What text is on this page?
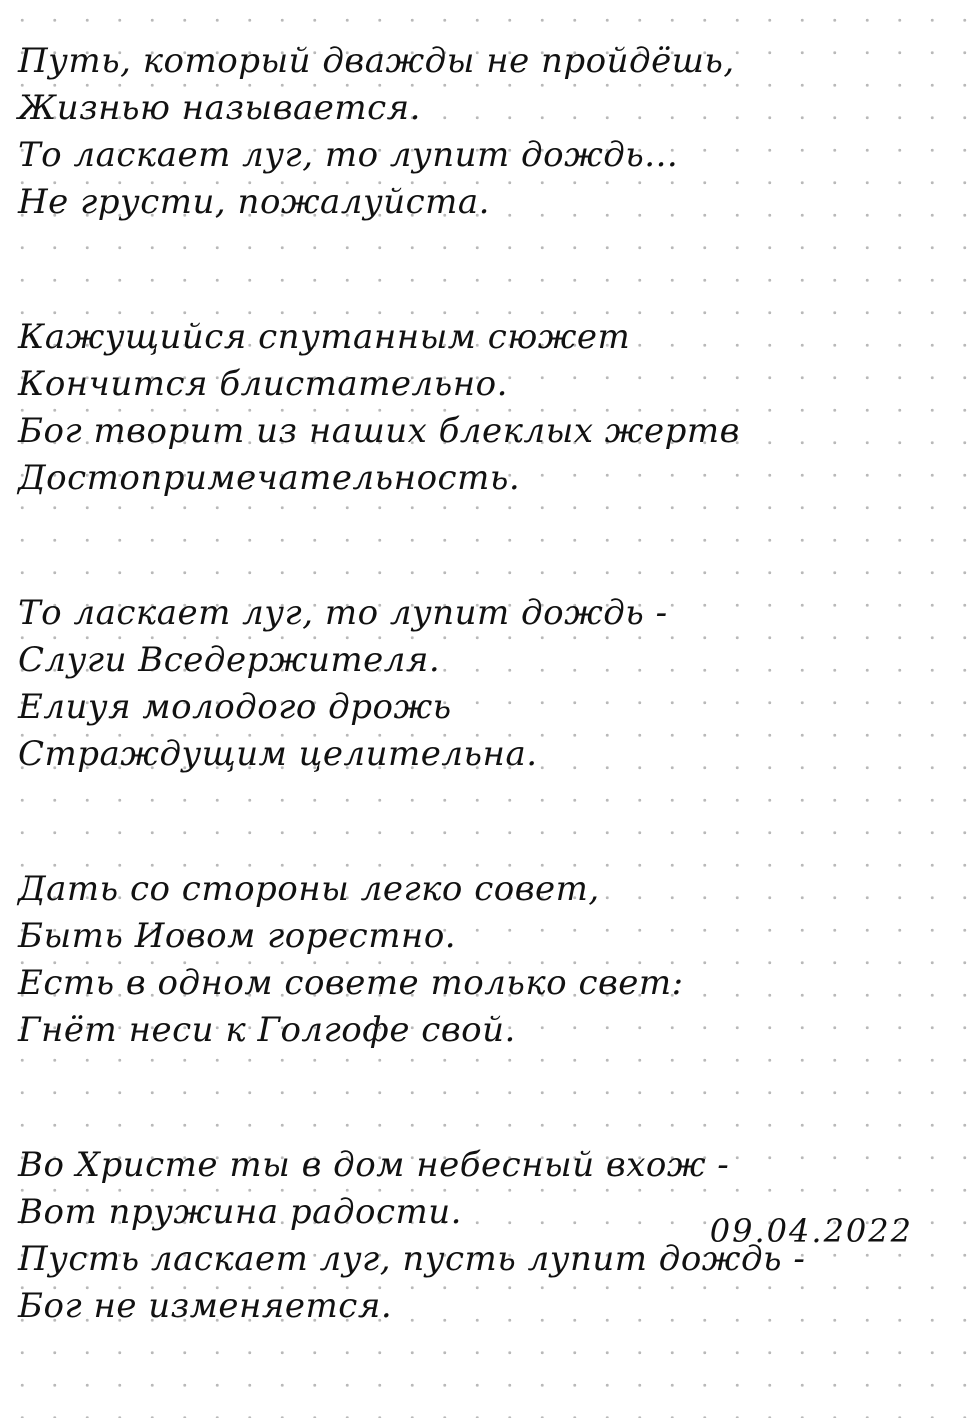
Путь, который дважды не пройдёшь,
Жизнью называется.
То ласкает луг, то лупит дождь...
Не грусти, пожалуйста.
Кажущийся спутанным сюжет
Кончится блистательно.
Бог творит из наших блеклых жертв
Достопримечательность.
То ласкает луг, то лупит дождь -
Слуги Вседержителя.
Елиуя молодого дрожь
Страждущим целительна.
Дать со стороны легко совет,
Быть Иовом горестно.
Есть в одном совете только свет:
Гнёт неси к Голгофе свой.
Во Христе ты в дом небесный вхож -
Вот пружина радости.
Пусть ласкает луг, пусть лупит дождь -
Бог не изменяется.
09.04.2022
